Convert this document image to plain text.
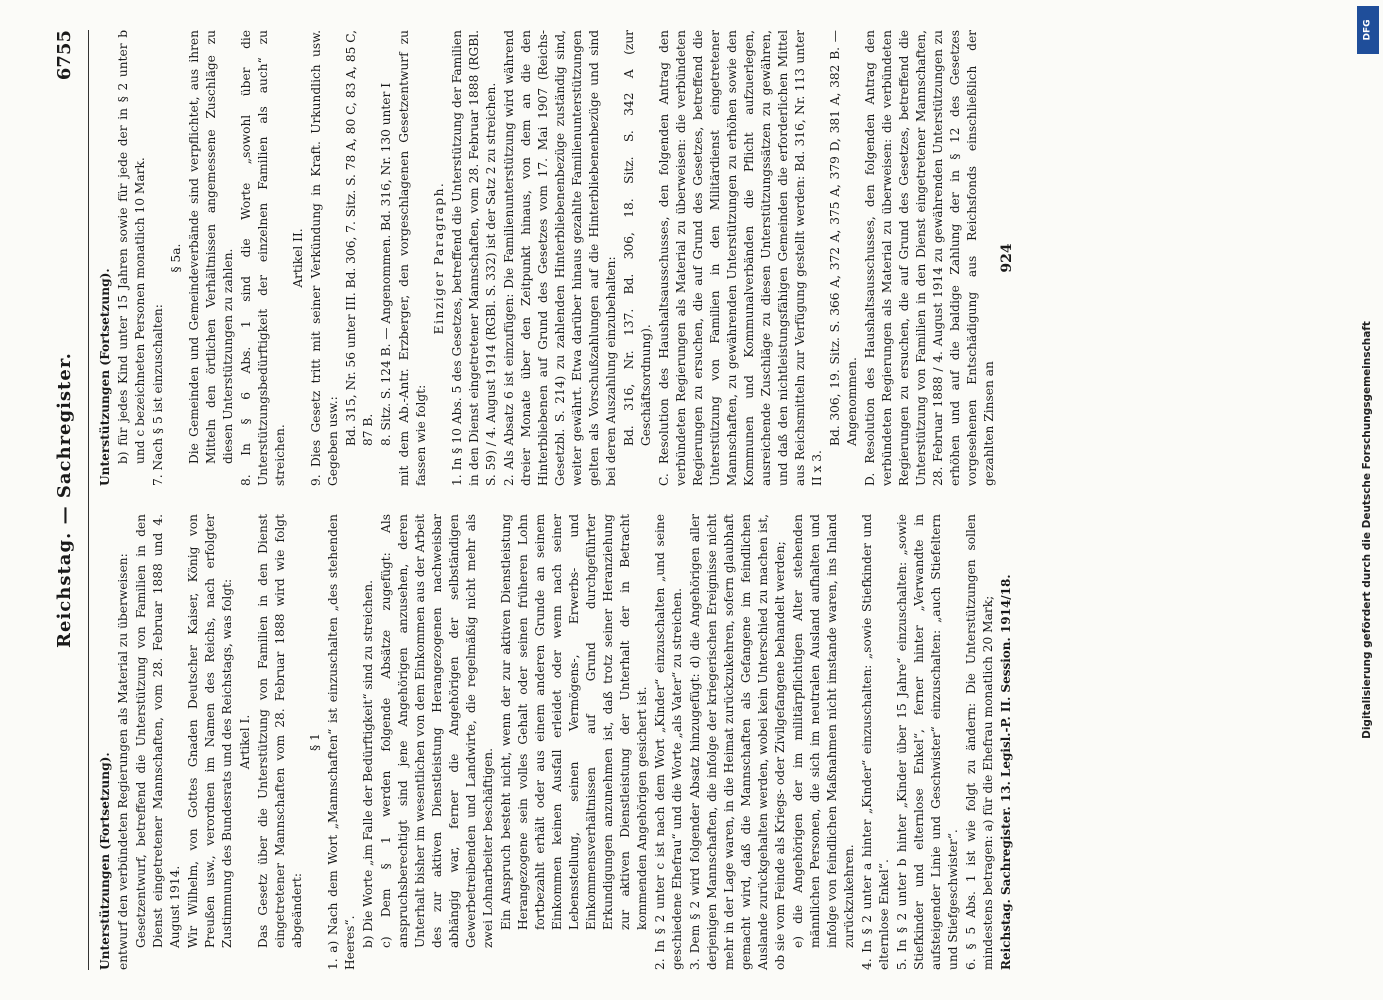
Reichstag. — Sachregister.
6755

Unterstützungen (Fortsetzung). entwurf den verbündeten Regierungen als Material zu überweisen: Gesetzentwurf, betreffend die Unterstützung von Familien in den Dienst eingetretener Mannschaften, vom 28. Februar 1888 und 4. August 1914. Wir Wilhelm, von Gottes Gnaden Deutscher Kaiser, König von Preußen usw., verordnen im Namen des Reichs, nach erfolgter Zustimmung des Bundesrats und des Reichstags, was folgt: Artikel I. Das Gesetz über die Unterstützung von Familien in den Dienst eingetretener Mannschaften vom 28. Februar 1888 wird wie folgt abgeändert:

§ 1 1. a) Nach dem Wort „Mannschaften“ ist einzuschalten „des stehenden Heeres“. b) Die Worte „im Falle der Bedürftigkeit“ sind zu streichen. c) Dem § 1 werden folgende Absätze zugefügt: Als anspruchsberechtigt sind jene Angehörigen anzusehen, deren Unterhalt bisher im wesentlichen von dem Einkommen aus der Arbeit des zur aktiven Dienstleistung Herangezogenen nachweisbar abhängig war, ferner die Angehörigen der selbständigen Gewerbetreibenden und Landwirte, die regelmäßig nicht mehr als zwei Lohnarbeiter beschäftigen. Ein Anspruch besteht nicht, wenn der zur aktiven Dienstleistung Herangezogene sein volles Gehalt oder seinen früheren Lohn fortbezahlt erhält oder aus einem anderen Grunde an seinem Einkommen keinen Ausfall erleidet oder wenn nach seiner Lebensstellung, seinen Vermögens-, Erwerbs- und Einkommensverhältnissen auf Grund durchgeführter Erkundigungen anzunehmen ist, daß trotz seiner Heranziehung zur aktiven Dienstleistung der Unterhalt der in Betracht kommenden Angehörigen gesichert ist. 2. In § 2 unter c ist nach dem Wort „Kinder“ einzuschalten „und seine geschiedene Ehefrau“ und die Worte „als Vater“ zu streichen. 3. Dem § 2 wird folgender Absatz hinzugefügt: d) die Angehörigen aller derjenigen Mannschaften, die infolge der kriegerischen Ereignisse nicht mehr in der Lage waren, in die Heimat zurückzukehren, sofern glaubhaft gemacht wird, daß die Mannschaften als Gefangene im feindlichen Auslande zurückgehalten werden, wobei kein Unterschied zu machen ist, ob sie vom Feinde als Kriegs- oder Zivilgefangene behandelt werden; e) die Angehörigen der im militärpflichtigen Alter stehenden männlichen Personen, die sich im neutralen Ausland aufhalten und infolge von feindlichen Maßnahmen nicht imstande waren, ins Inland zurückzukehren. 4. In § 2 unter a hinter „Kinder“ einzuschalten: „sowie Stiefkinder und elternlose Enkel“. 5. In § 2 unter b hinter „Kinder über 15 Jahre“ einzuschalten: „sowie Stiefkinder und elternlose Enkel“, ferner hinter „Verwandte in aufsteigender Linie und Geschwister“ einzuschalten: „auch Stiefeltern und Stiefgeschwister“. 6. § 5 Abs. 1 ist wie folgt zu ändern: Die Unterstützungen sollen mindestens betragen: a) für die Ehefrau monatlich 20 Mark; Reichstag. Sachregister. 13. Legisl.-P. II. Session. 1914/18.

Unterstützungen (Fortsetzung). b) für jedes Kind unter 15 Jahren sowie für jede der in § 2 unter b und c bezeichneten Personen monatlich 10 Mark. 7. Nach § 5 ist einzuschalten:

§ 5a. Die Gemeinden und Gemeindeverbände sind verpflichtet, aus ihren Mitteln den örtlichen Verhältnissen angemessene Zuschläge zu diesen Unterstützungen zu zahlen. 8. In § 6 Abs. 1 sind die Worte „sowohl über die Unterstützungsbedürftigkeit der einzelnen Familien als auch“ zu streichen.

Artikel II. 9. Dies Gesetz tritt mit seiner Verkündung in Kraft. Urkundlich usw. Gegeben usw.: Bd. 315, Nr. 56 unter III. Bd. 306, 7. Sitz. S. 78 A, 80 C, 83 A, 85 C, 87 B. 8. Sitz. S. 124 B. — Angenommen. Bd. 316, Nr. 130 unter I mit dem Ab.-Antr. Erzberger, den vorgeschlagenen Gesetzentwurf zu fassen wie folgt:

Einziger Paragraph. 1. In § 10 Abs. 5 des Gesetzes, betreffend die Unterstützung der Familien in den Dienst eingetretener Mannschaften, vom 28. Februar 1888 (RGBl. S. 59) / 4. August 1914 (RGBl. S. 332) ist der Satz 2 zu streichen. 2. Als Absatz 6 ist einzufügen: Die Familienunterstützung wird während dreier Monate über den Zeitpunkt hinaus, von dem an die den Hinterbliebenen auf Grund des Gesetzes vom 17. Mai 1907 (Reichs-Gesetzbl. S. 214) zu zahlenden Hinterbliebenenbezüge zuständig sind, weiter gewährt. Etwa darüber hinaus gezahlte Familienunterstützungen gelten als Vorschußzahlungen auf die Hinterbliebenenbezüge und sind bei deren Auszahlung einzubehalten: Bd. 316, Nr. 137. Bd. 306, 18. Sitz. S. 342 A (zur Geschäftsordnung). C. Resolution des Haushaltsausschusses, den folgenden Antrag den verbündeten Regierungen als Material zu überweisen: die verbündeten Regierungen zu ersuchen, die auf Grund des Gesetzes, betreffend die Unterstützung von Familien in den Militärdienst eingetretener Mannschaften, zu gewährenden Unterstützungen zu erhöhen sowie den Kommunen und Kommunalverbänden die Pflicht aufzuerlegen, ausreichende Zuschläge zu diesen Unterstützungssätzen zu gewähren, und daß den nichtleistungsfähigen Gemeinden die erforderlichen Mittel aus Reichsmitteln zur Verfügung gestellt werden: Bd. 316, Nr. 113 unter II x 3.

Bd. 306, 19. Sitz. S. 366 A, 372 A, 375 A, 379 D, 381 A, 382 B. — Angenommen. D. Resolution des Haushaltsausschusses, den folgenden Antrag den verbündeten Regierungen als Material zu überweisen: die verbündeten Regierungen zu ersuchen, die auf Grund des Gesetzes, betreffend die Unterstützung von Familien in den Dienst eingetretener Mannschaften, 28. Februar 1888 / 4. August 1914 zu gewährenden Unterstützungen zu erhöhen und auf die baldige Zahlung der in § 12 des Gesetzes vorgesehenen Entschädigung aus Reichsfonds einschließlich der gezahlten Zinsen an

924

DFG
Digitalisierung gefördert durch die Deutsche Forschungsgemeinschaft
